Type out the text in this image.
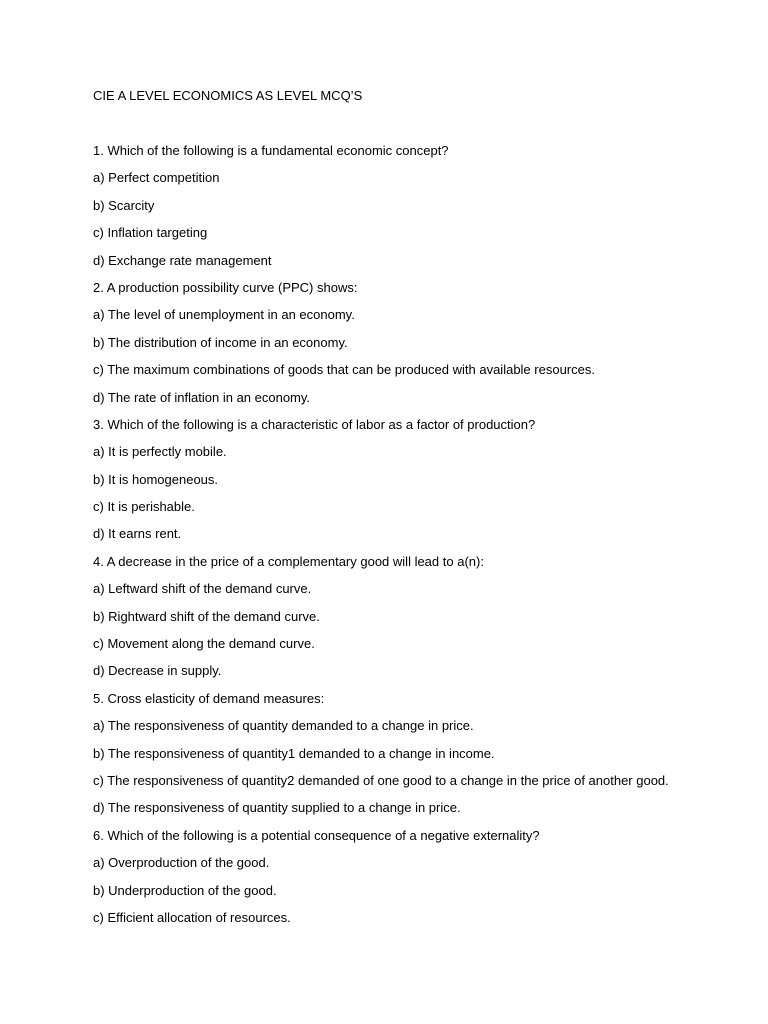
CIE A LEVEL ECONOMICS AS LEVEL MCQ’S
1. Which of the following is a fundamental economic concept?
a) Perfect competition
b) Scarcity
c) Inflation targeting
d) Exchange rate management
2. A production possibility curve (PPC) shows:
a) The level of unemployment in an economy.
b) The distribution of income in an economy.
c) The maximum combinations of goods that can be produced with available resources.
d) The rate of inflation in an economy.
3. Which of the following is a characteristic of labor as a factor of production?
a) It is perfectly mobile.
b) It is homogeneous.
c) It is perishable.
d) It earns rent.
4. A decrease in the price of a complementary good will lead to a(n):
a) Leftward shift of the demand curve.
b) Rightward shift of the demand curve.
c) Movement along the demand curve.
d) Decrease in supply.
5. Cross elasticity of demand measures:
a) The responsiveness of quantity demanded to a change in price.
b) The responsiveness of quantity1 demanded to a change in income.
c) The responsiveness of quantity2 demanded of one good to a change in the price of another good.
d) The responsiveness of quantity supplied to a change in price.
6. Which of the following is a potential consequence of a negative externality?
a) Overproduction of the good.
b) Underproduction of the good.
c) Efficient allocation of resources.
